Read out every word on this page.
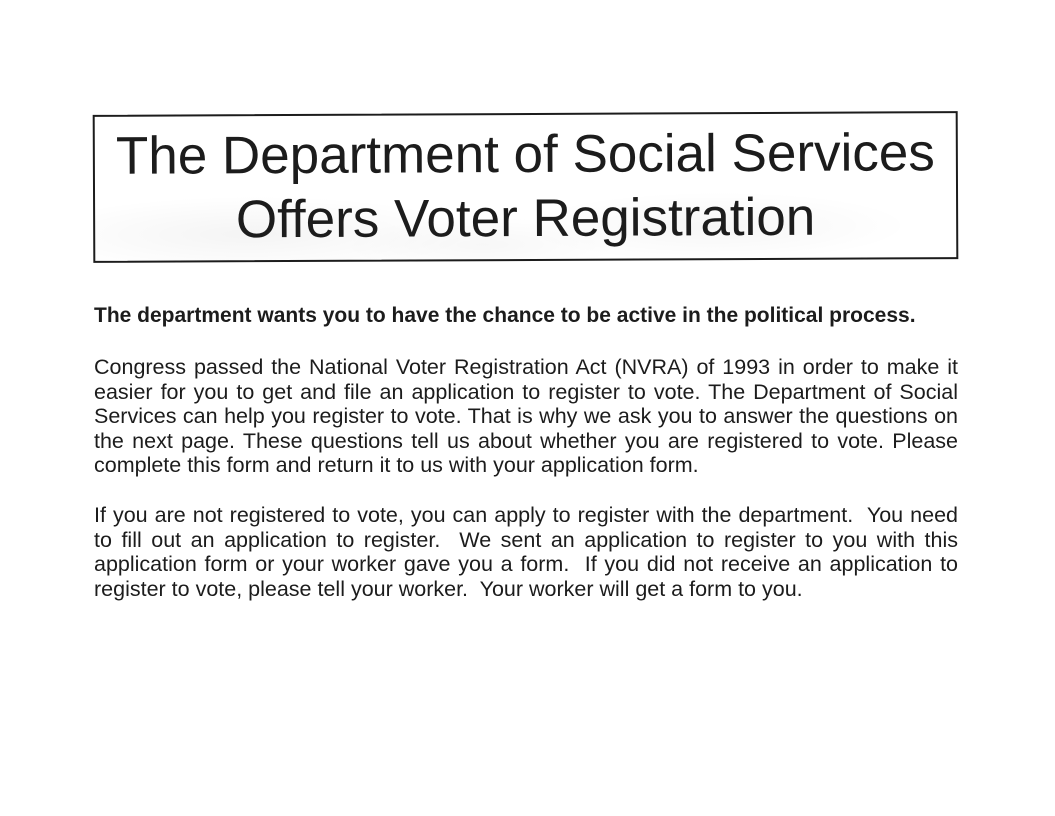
The Department of Social Services
Offers Voter Registration

The department wants you to have the chance to be active in the political process.

Congress passed the National Voter Registration Act (NVRA) of 1993 in order to make it easier for you to get and file an application to register to vote. The Department of Social Services can help you register to vote. That is why we ask you to answer the questions on the next page. These questions tell us about whether you are registered to vote. Please complete this form and return it to us with your application form.

If you are not registered to vote, you can apply to register with the department.  You need to fill out an application to register.  We sent an application to register to you with this application form or your worker gave you a form.  If you did not receive an application to register to vote, please tell your worker.  Your worker will get a form to you.
